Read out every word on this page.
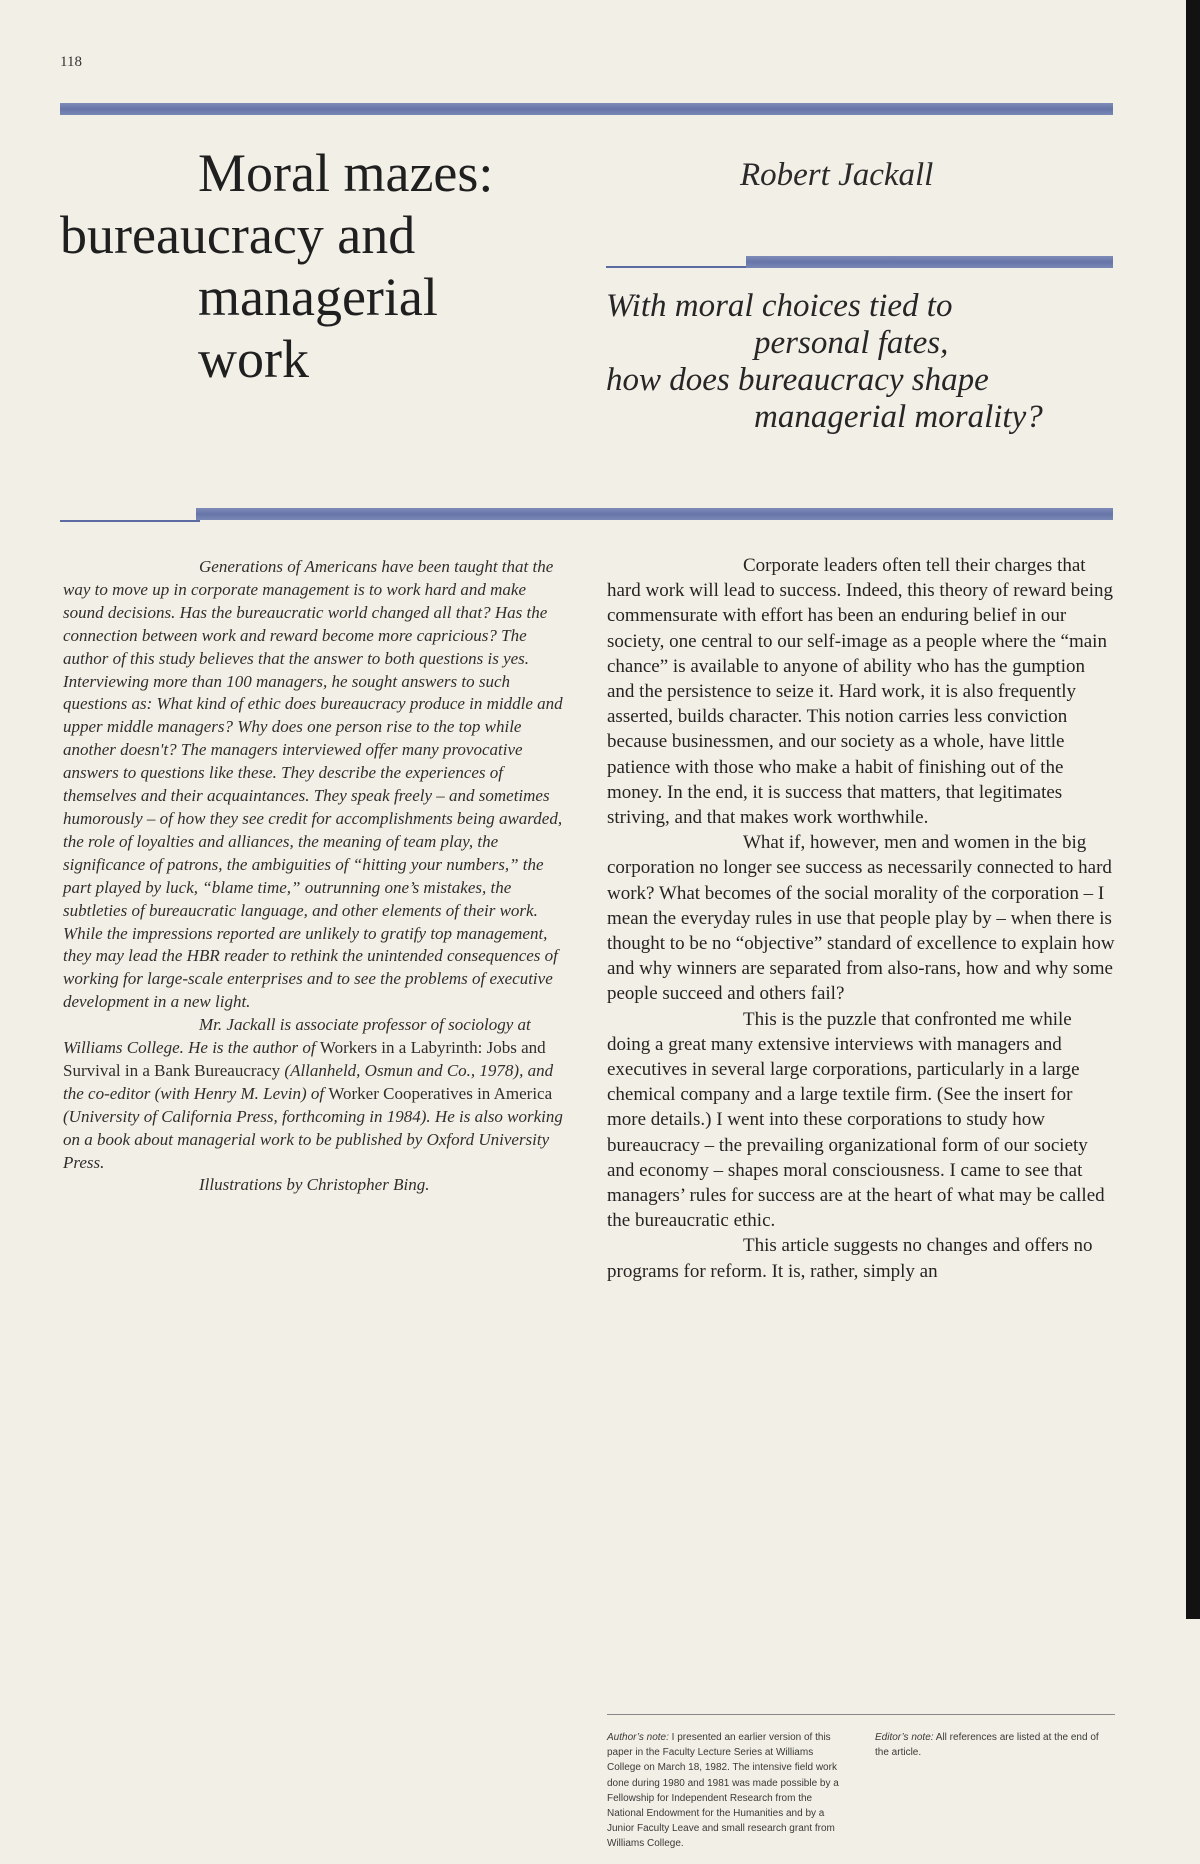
118
Moral mazes:
bureaucracy and
managerial
work
Robert Jackall
With moral choices tied to
personal fates,
how does bureaucracy shape
managerial morality?

Generations of Americans have been taught that the way to move up in corporate management is to work hard and make sound decisions. Has the bureaucratic world changed all that? Has the connection between work and reward become more capricious? The author of this study believes that the answer to both questions is yes. Interviewing more than 100 managers, he sought answers to such questions as: What kind of ethic does bureaucracy produce in middle and upper middle managers? Why does one person rise to the top while another doesn't? The managers interviewed offer many provocative answers to questions like these. They describe the experiences of themselves and their acquaintances. They speak freely – and sometimes humorously – of how they see credit for accomplishments being awarded, the role of loyalties and alliances, the meaning of team play, the significance of patrons, the ambiguities of “hitting your numbers,” the part played by luck, “blame time,” outrunning one’s mistakes, the subtleties of bureaucratic language, and other elements of their work. While the impressions reported are unlikely to gratify top management, they may lead the HBR reader to rethink the unintended consequences of working for large-scale enterprises and to see the problems of executive development in a new light.

Mr. Jackall is associate professor of sociology at Williams College. He is the author of Workers in a Labyrinth: Jobs and Survival in a Bank Bureaucracy (Allanheld, Osmun and Co., 1978), and the co-editor (with Henry M. Levin) of Worker Cooperatives in America (University of California Press, forthcoming in 1984). He is also working on a book about managerial work to be published by Oxford University Press.

Illustrations by Christopher Bing.

Corporate leaders often tell their charges that hard work will lead to success. Indeed, this theory of reward being commensurate with effort has been an enduring belief in our society, one central to our self-image as a people where the “main chance” is available to anyone of ability who has the gumption and the persistence to seize it. Hard work, it is also frequently asserted, builds character. This notion carries less conviction because businessmen, and our society as a whole, have little patience with those who make a habit of finishing out of the money. In the end, it is success that matters, that legitimates striving, and that makes work worthwhile.

What if, however, men and women in the big corporation no longer see success as necessarily connected to hard work? What becomes of the social morality of the corporation – I mean the everyday rules in use that people play by – when there is thought to be no “objective” standard of excellence to explain how and why winners are separated from also-rans, how and why some people succeed and others fail?

This is the puzzle that confronted me while doing a great many extensive interviews with managers and executives in several large corporations, particularly in a large chemical company and a large textile firm. (See the insert for more details.) I went into these corporations to study how bureaucracy – the prevailing organizational form of our society and economy – shapes moral consciousness. I came to see that managers’ rules for success are at the heart of what may be called the bureaucratic ethic.

This article suggests no changes and offers no programs for reform. It is, rather, simply an

Author’s note: I presented an earlier version of this paper in the Faculty Lecture Series at Williams College on March 18, 1982. The intensive field work done during 1980 and 1981 was made possible by a Fellowship for Independent Research from the National Endowment for the Humanities and by a Junior Faculty Leave and small research grant from Williams College.

Editor’s note: All references are listed at the end of the article.
